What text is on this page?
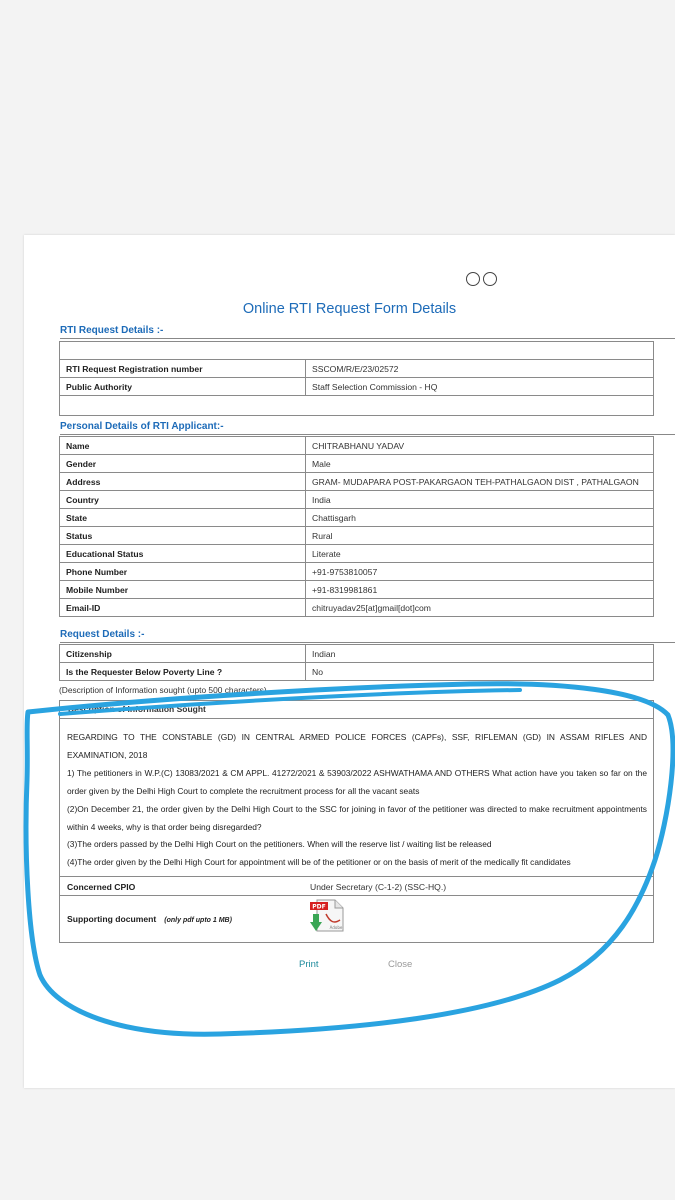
Online RTI Request Form Details
RTI Request Details :-

RTI Request Registration number	SSCOM/R/E/23/02572
Public Authority	Staff Selection Commission - HQ

Personal Details of RTI Applicant:-
Name	CHITRABHANU YADAV
Gender	Male
Address	GRAM- MUDAPARA POST-PAKARGAON TEH-PATHALGAON DIST , PATHALGAON
Country	India
State	Chattisgarh
Status	Rural
Educational Status	Literate
Phone Number	+91-9753810057
Mobile Number	+91-8319981861
Email-ID	chitruyadav25[at]gmail[dot]com
Request Details :-
Citizenship	Indian
Is the Requester Below Poverty Line ?	No
(Description of Information sought (upto 500 characters)
Description of Information Sought

REGARDING TO THE CONSTABLE (GD) IN CENTRAL ARMED POLICE FORCES (CAPFs), SSF, RIFLEMAN (GD) IN ASSAM RIFLES AND EXAMINATION, 2018

1) The petitioners in W.P.(C) 13083/2021 & CM APPL. 41272/2021 & 53903/2022 ASHWATHAMA AND OTHERS What action have you taken so far on the order given by the Delhi High Court to complete the recruitment process for all the vacant seats

(2)On December 21, the order given by the Delhi High Court to the SSC for joining in favor of the petitioner was directed to make recruitment appointments within 4 weeks, why is that order being disregarded?

(3)The orders passed by the Delhi High Court on the petitioners. When will the reserve list / waiting list be released

(4)The order given by the Delhi High Court for appointment will be of the petitioner or on the basis of merit of the medically fit candidates

Concerned CPIO	Under Secretary (C-1-2) (SSC-HQ.)
Supporting document (only pdf upto 1 MB)
PDF
Adobe
Print	Close
